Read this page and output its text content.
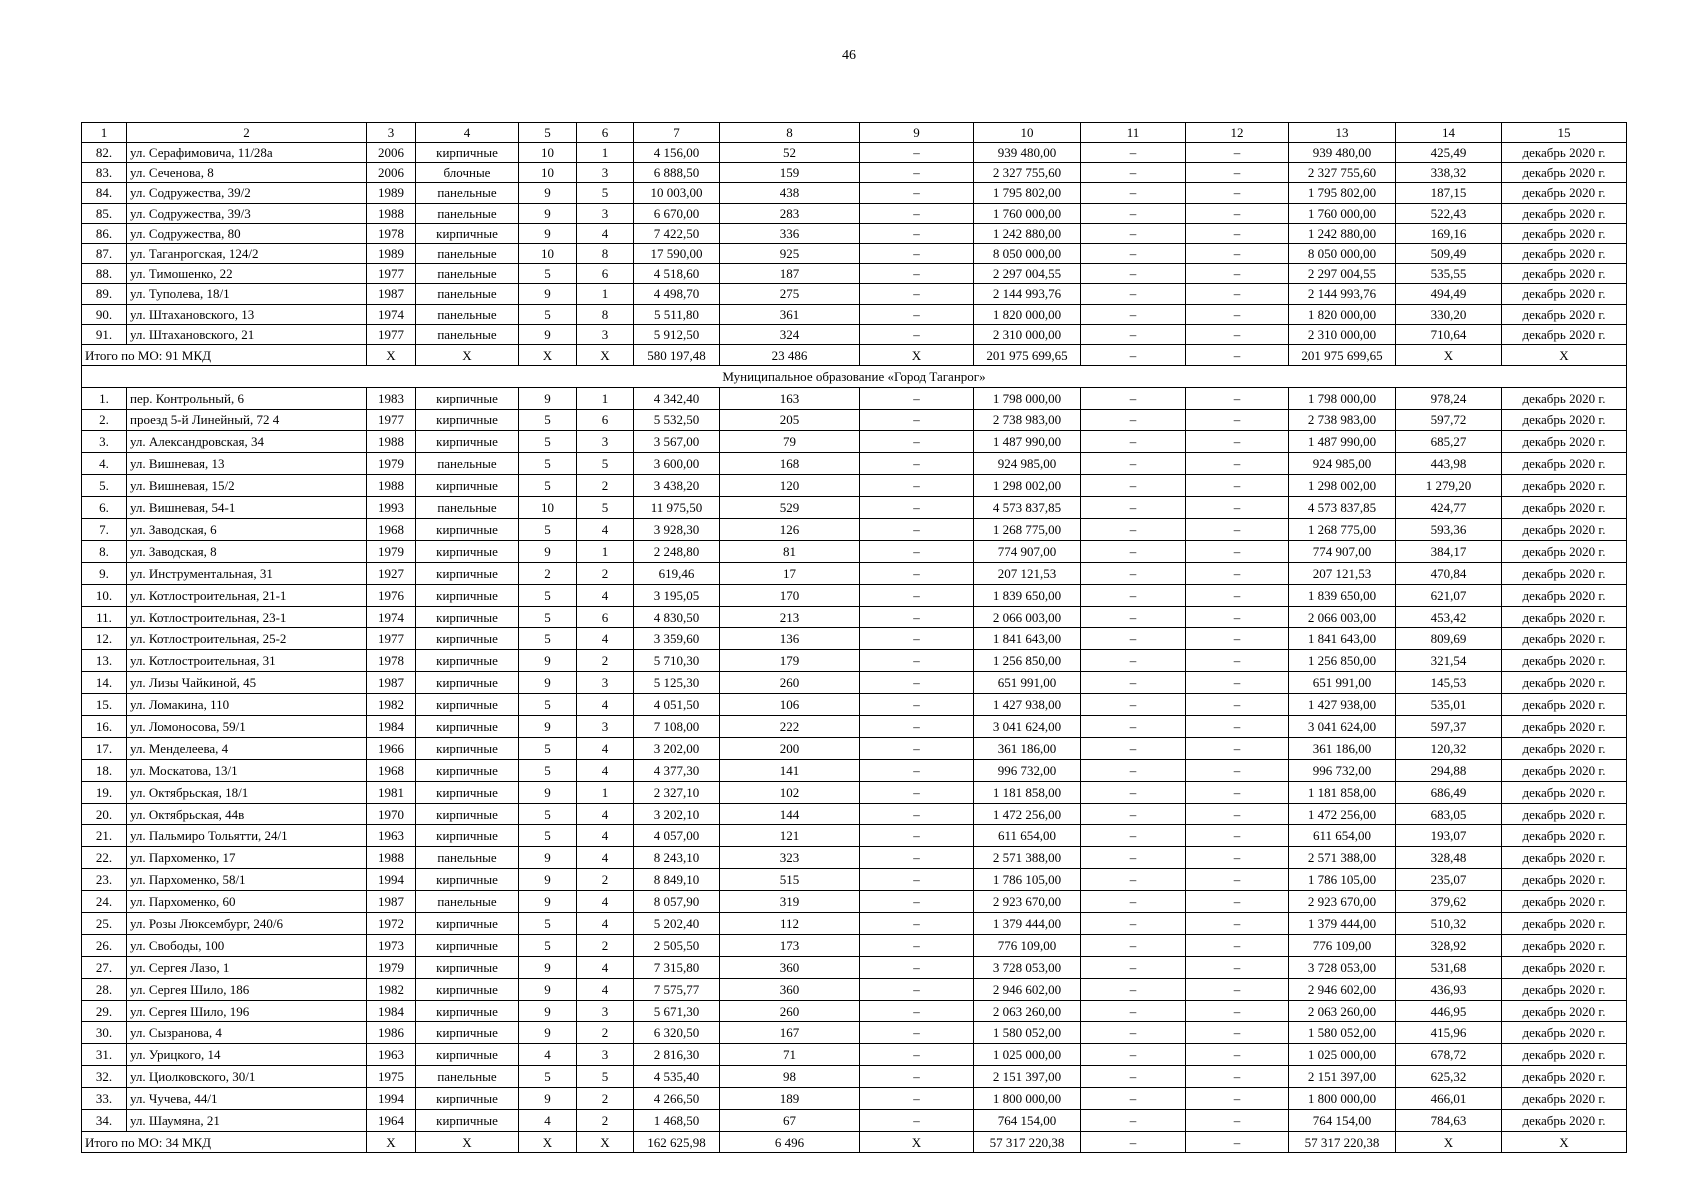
46
1	2	3	4	5	6	7	8	9	10	11	12	13	14	15
82.	ул. Серафимовича, 11/28а	2006	кирпичные	10	1	4 156,00	52	–	939 480,00	–	–	939 480,00	425,49	декабрь 2020 г.
83.	ул. Сеченова, 8	2006	блочные	10	3	6 888,50	159	–	2 327 755,60	–	–	2 327 755,60	338,32	декабрь 2020 г.
84.	ул. Содружества, 39/2	1989	панельные	9	5	10 003,00	438	–	1 795 802,00	–	–	1 795 802,00	187,15	декабрь 2020 г.
85.	ул. Содружества, 39/3	1988	панельные	9	3	6 670,00	283	–	1 760 000,00	–	–	1 760 000,00	522,43	декабрь 2020 г.
86.	ул. Содружества, 80	1978	кирпичные	9	4	7 422,50	336	–	1 242 880,00	–	–	1 242 880,00	169,16	декабрь 2020 г.
87.	ул. Таганрогская, 124/2	1989	панельные	10	8	17 590,00	925	–	8 050 000,00	–	–	8 050 000,00	509,49	декабрь 2020 г.
88.	ул. Тимошенко, 22	1977	панельные	5	6	4 518,60	187	–	2 297 004,55	–	–	2 297 004,55	535,55	декабрь 2020 г.
89.	ул. Туполева, 18/1	1987	панельные	9	1	4 498,70	275	–	2 144 993,76	–	–	2 144 993,76	494,49	декабрь 2020 г.
90.	ул. Штахановского, 13	1974	панельные	5	8	5 511,80	361	–	1 820 000,00	–	–	1 820 000,00	330,20	декабрь 2020 г.
91.	ул. Штахановского, 21	1977	панельные	9	3	5 912,50	324	–	2 310 000,00	–	–	2 310 000,00	710,64	декабрь 2020 г.
Итого по МО: 91 МКД		X	X	X	X	580 197,48	23 486	X	201 975 699,65	–	–	201 975 699,65	X	X
Муниципальное образование «Город Таганрог»														
1.	пер. Контрольный, 6	1983	кирпичные	9	1	4 342,40	163	–	1 798 000,00	–	–	1 798 000,00	978,24	декабрь 2020 г.
2.	проезд 5-й Линейный, 72 4	1977	кирпичные	5	6	5 532,50	205	–	2 738 983,00	–	–	2 738 983,00	597,72	декабрь 2020 г.
3.	ул. Александровская, 34	1988	кирпичные	5	3	3 567,00	79	–	1 487 990,00	–	–	1 487 990,00	685,27	декабрь 2020 г.
4.	ул. Вишневая, 13	1979	панельные	5	5	3 600,00	168	–	924 985,00	–	–	924 985,00	443,98	декабрь 2020 г.
5.	ул. Вишневая, 15/2	1988	кирпичные	5	2	3 438,20	120	–	1 298 002,00	–	–	1 298 002,00	1 279,20	декабрь 2020 г.
6.	ул. Вишневая, 54-1	1993	панельные	10	5	11 975,50	529	–	4 573 837,85	–	–	4 573 837,85	424,77	декабрь 2020 г.
7.	ул. Заводская, 6	1968	кирпичные	5	4	3 928,30	126	–	1 268 775,00	–	–	1 268 775,00	593,36	декабрь 2020 г.
8.	ул. Заводская, 8	1979	кирпичные	9	1	2 248,80	81	–	774 907,00	–	–	774 907,00	384,17	декабрь 2020 г.
9.	ул. Инструментальная, 31	1927	кирпичные	2	2	619,46	17	–	207 121,53	–	–	207 121,53	470,84	декабрь 2020 г.
10.	ул. Котлостроительная, 21-1	1976	кирпичные	5	4	3 195,05	170	–	1 839 650,00	–	–	1 839 650,00	621,07	декабрь 2020 г.
11.	ул. Котлостроительная, 23-1	1974	кирпичные	5	6	4 830,50	213	–	2 066 003,00	–	–	2 066 003,00	453,42	декабрь 2020 г.
12.	ул. Котлостроительная, 25-2	1977	кирпичные	5	4	3 359,60	136	–	1 841 643,00	–	–	1 841 643,00	809,69	декабрь 2020 г.
13.	ул. Котлостроительная, 31	1978	кирпичные	9	2	5 710,30	179	–	1 256 850,00	–	–	1 256 850,00	321,54	декабрь 2020 г.
14.	ул. Лизы Чайкиной, 45	1987	кирпичные	9	3	5 125,30	260	–	651 991,00	–	–	651 991,00	145,53	декабрь 2020 г.
15.	ул. Ломакина, 110	1982	кирпичные	5	4	4 051,50	106	–	1 427 938,00	–	–	1 427 938,00	535,01	декабрь 2020 г.
16.	ул. Ломоносова, 59/1	1984	кирпичные	9	3	7 108,00	222	–	3 041 624,00	–	–	3 041 624,00	597,37	декабрь 2020 г.
17.	ул. Менделеева, 4	1966	кирпичные	5	4	3 202,00	200	–	361 186,00	–	–	361 186,00	120,32	декабрь 2020 г.
18.	ул. Москатова, 13/1	1968	кирпичные	5	4	4 377,30	141	–	996 732,00	–	–	996 732,00	294,88	декабрь 2020 г.
19.	ул. Октябрьская, 18/1	1981	кирпичные	9	1	2 327,10	102	–	1 181 858,00	–	–	1 181 858,00	686,49	декабрь 2020 г.
20.	ул. Октябрьская, 44в	1970	кирпичные	5	4	3 202,10	144	–	1 472 256,00	–	–	1 472 256,00	683,05	декабрь 2020 г.
21.	ул. Пальмиро Тольятти, 24/1	1963	кирпичные	5	4	4 057,00	121	–	611 654,00	–	–	611 654,00	193,07	декабрь 2020 г.
22.	ул. Пархоменко, 17	1988	панельные	9	4	8 243,10	323	–	2 571 388,00	–	–	2 571 388,00	328,48	декабрь 2020 г.
23.	ул. Пархоменко, 58/1	1994	кирпичные	9	2	8 849,10	515	–	1 786 105,00	–	–	1 786 105,00	235,07	декабрь 2020 г.
24.	ул. Пархоменко, 60	1987	панельные	9	4	8 057,90	319	–	2 923 670,00	–	–	2 923 670,00	379,62	декабрь 2020 г.
25.	ул. Розы Люксембург, 240/6	1972	кирпичные	5	4	5 202,40	112	–	1 379 444,00	–	–	1 379 444,00	510,32	декабрь 2020 г.
26.	ул. Свободы, 100	1973	кирпичные	5	2	2 505,50	173	–	776 109,00	–	–	776 109,00	328,92	декабрь 2020 г.
27.	ул. Сергея Лазо, 1	1979	кирпичные	9	4	7 315,80	360	–	3 728 053,00	–	–	3 728 053,00	531,68	декабрь 2020 г.
28.	ул. Сергея Шило, 186	1982	кирпичные	9	4	7 575,77	360	–	2 946 602,00	–	–	2 946 602,00	436,93	декабрь 2020 г.
29.	ул. Сергея Шило, 196	1984	кирпичные	9	3	5 671,30	260	–	2 063 260,00	–	–	2 063 260,00	446,95	декабрь 2020 г.
30.	ул. Сызранова, 4	1986	кирпичные	9	2	6 320,50	167	–	1 580 052,00	–	–	1 580 052,00	415,96	декабрь 2020 г.
31.	ул. Урицкого, 14	1963	кирпичные	4	3	2 816,30	71	–	1 025 000,00	–	–	1 025 000,00	678,72	декабрь 2020 г.
32.	ул. Циолковского, 30/1	1975	панельные	5	5	4 535,40	98	–	2 151 397,00	–	–	2 151 397,00	625,32	декабрь 2020 г.
33.	ул. Чучева, 44/1	1994	кирпичные	9	2	4 266,50	189	–	1 800 000,00	–	–	1 800 000,00	466,01	декабрь 2020 г.
34.	ул. Шаумяна, 21	1964	кирпичные	4	2	1 468,50	67	–	764 154,00	–	–	764 154,00	784,63	декабрь 2020 г.
Итого по МО: 34 МКД		X	X	X	X	162 625,98	6 496	X	57 317 220,38	–	–	57 317 220,38	X	X
